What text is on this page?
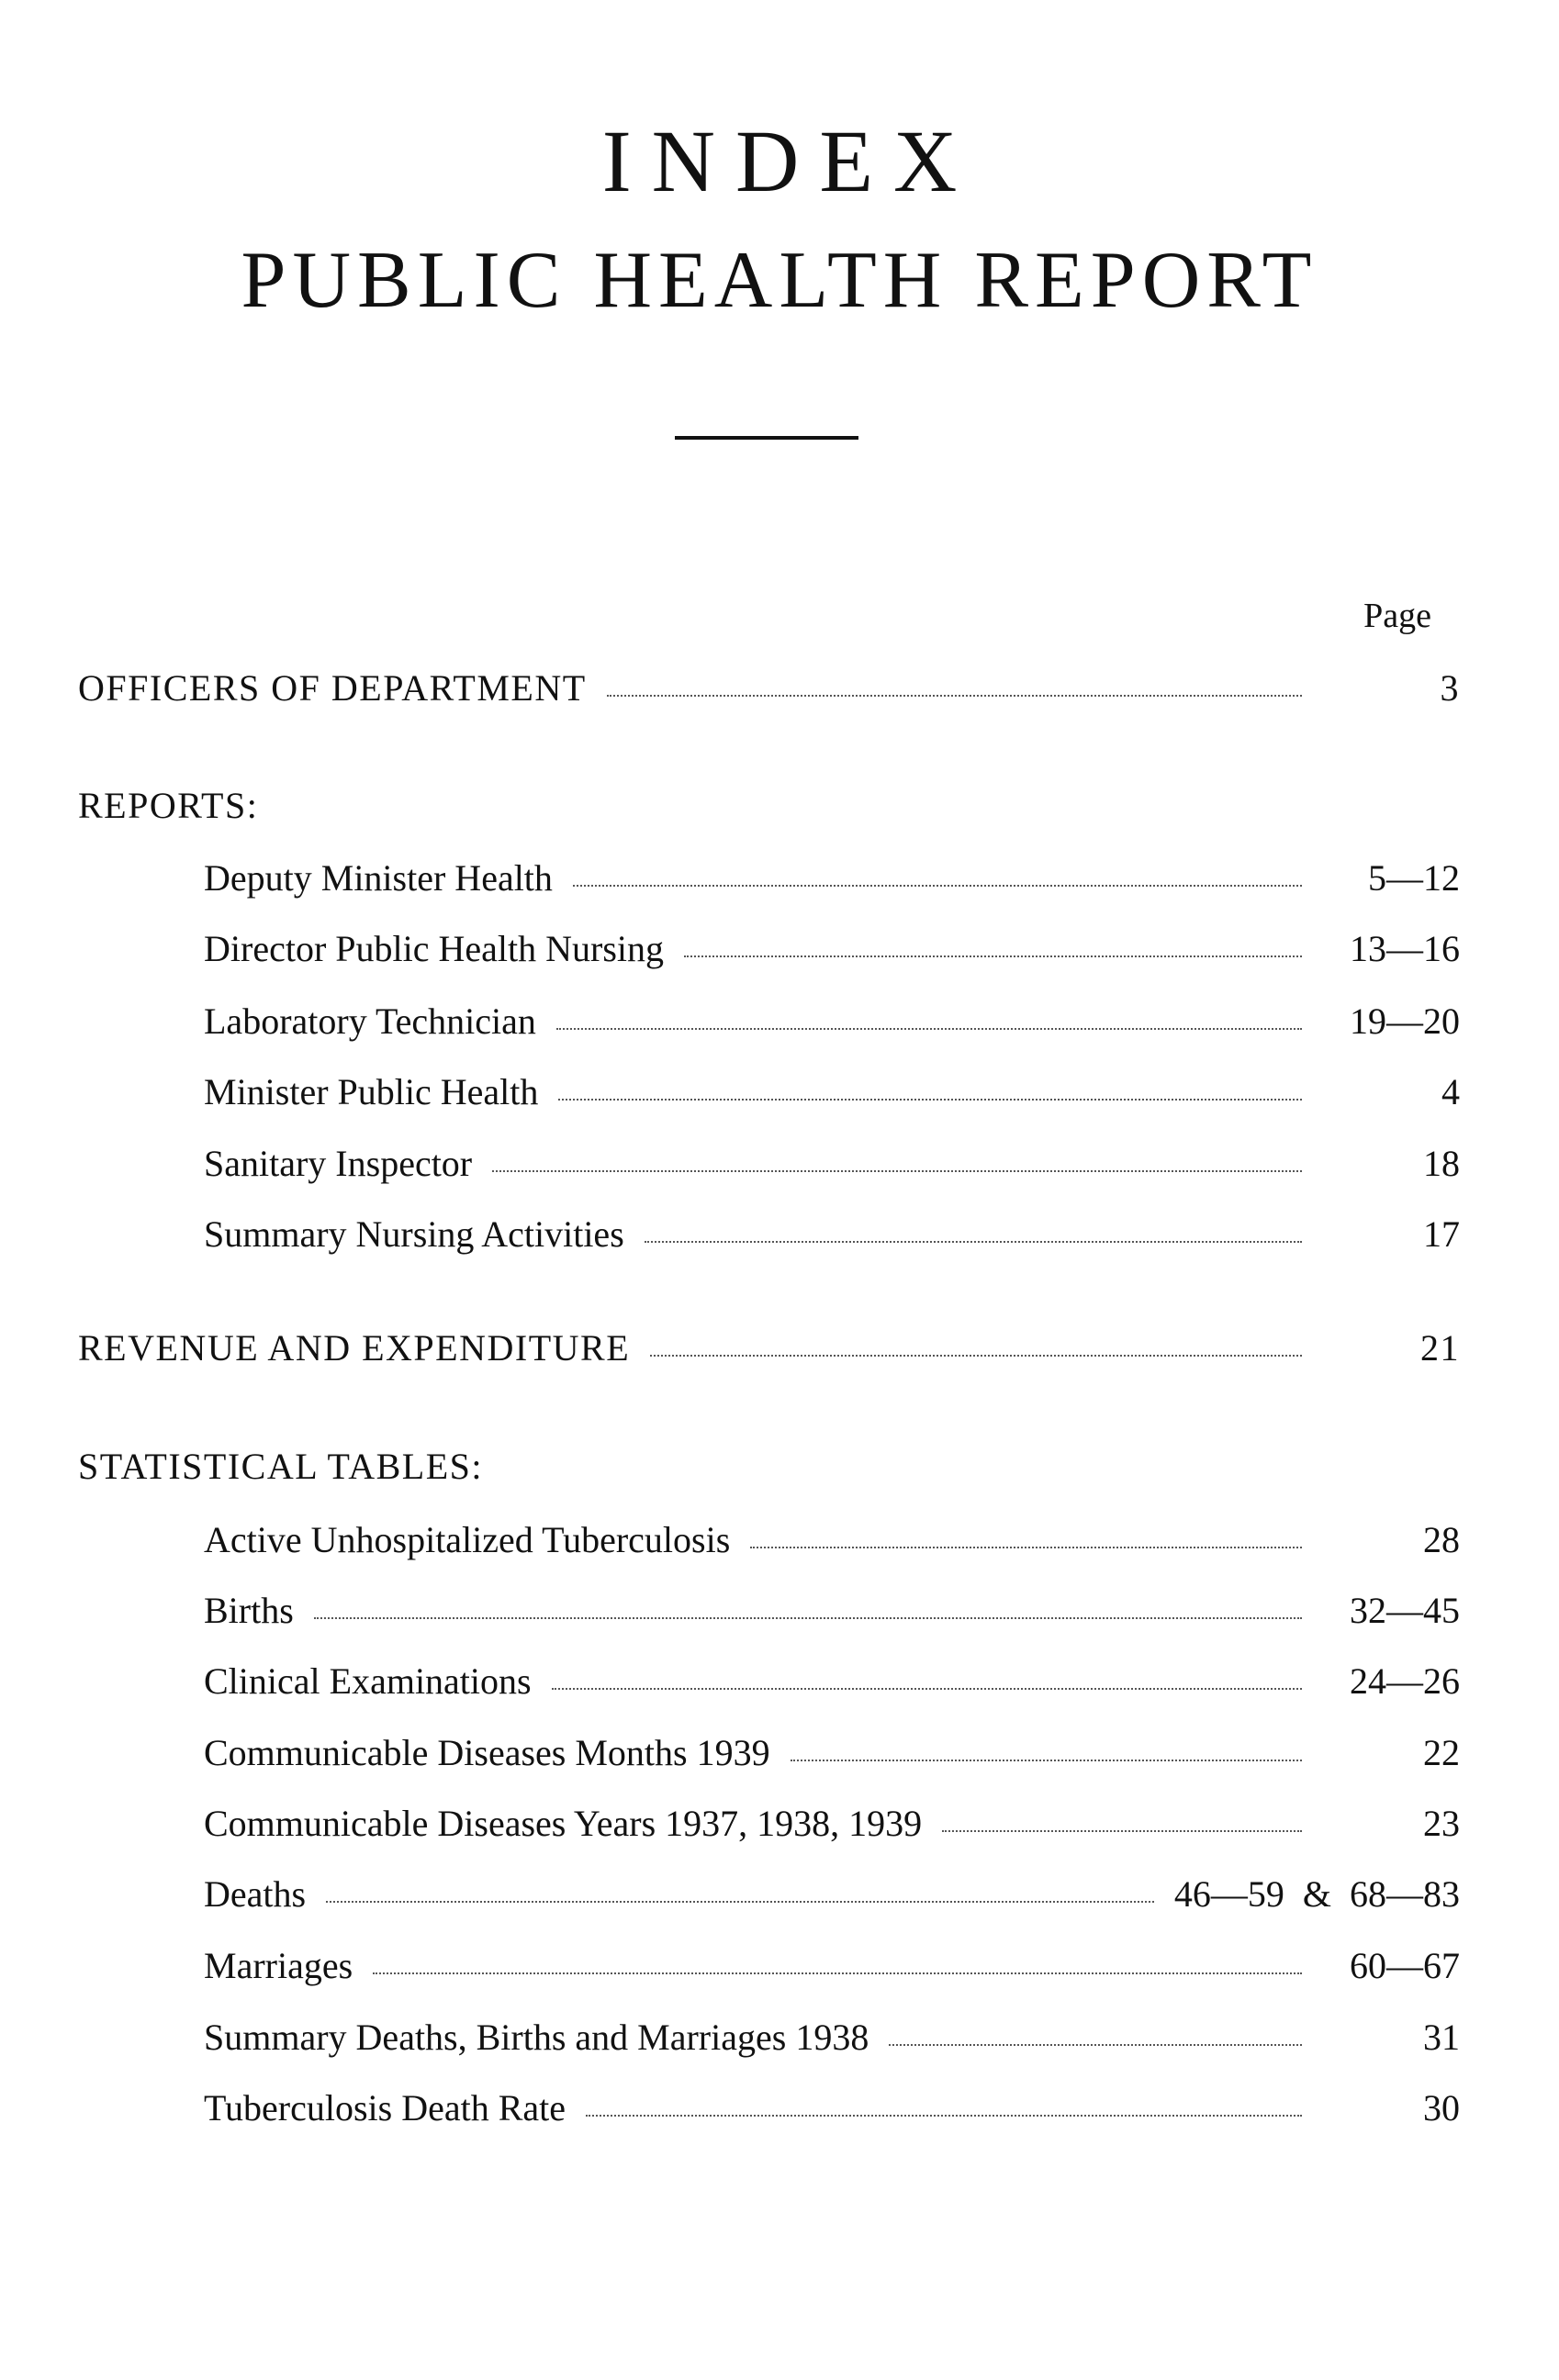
INDEX
PUBLIC HEALTH REPORT
Page
OFFICERS OF DEPARTMENT	3
REPORTS:
Deputy Minister Health	5—12
Director Public Health Nursing	13—16
Laboratory Technician	19—20
Minister Public Health	4
Sanitary Inspector	18
Summary Nursing Activities	17
REVENUE AND EXPENDITURE	21
STATISTICAL TABLES:
Active Unhospitalized Tuberculosis	28
Births	32—45
Clinical Examinations	24—26
Communicable Diseases Months 1939	22
Communicable Diseases Years 1937, 1938, 1939	23
Deaths	46—59  &  68—83
Marriages	60—67
Summary Deaths, Births and Marriages 1938	31
Tuberculosis Death Rate	30
